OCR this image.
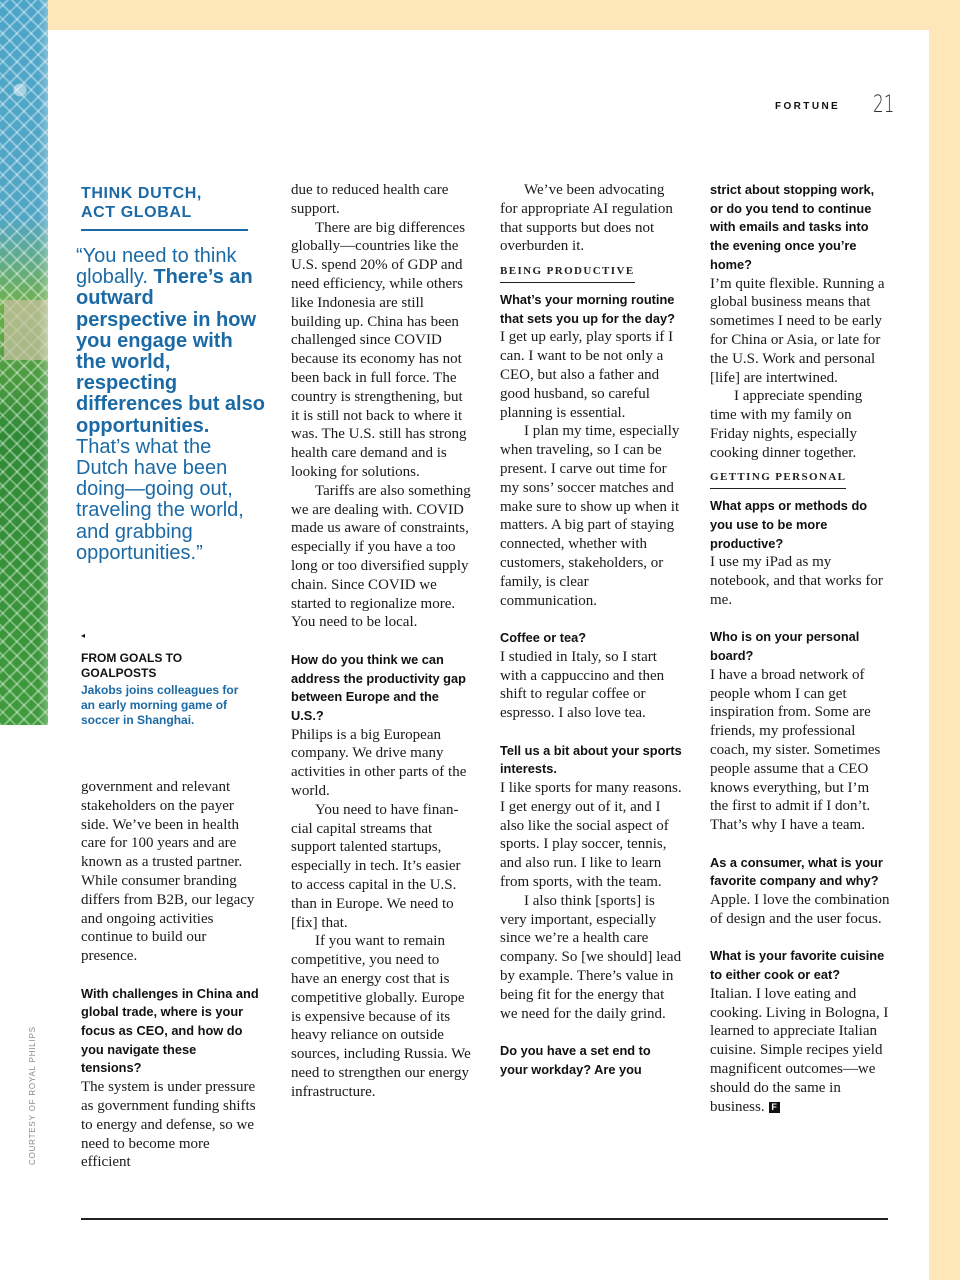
FORTUNE 21
THINK DUTCH,
ACT GLOBAL
“You need to think globally. There’s an outward perspective in how you engage with the world, respecting differences but also opportunities. That’s what the Dutch have been doing—going out, traveling the world, and grabbing opportunities.”
◂
FROM GOALS TO GOALPOSTS
Jakobs joins colleagues for an early morning game of soccer in Shanghai.

government and relevant stakeholders on the payer side. We’ve been in health care for 100 years and are known as a trusted partner. While consumer branding differs from B2B, our legacy and ongoing activities continue to build our presence.

With challenges in China and global trade, where is your focus as CEO, and how do you navigate these tensions?

The system is under pressure as government funding shifts to energy and defense, so we need to become more efficient

due to reduced health care support.

There are big differences globally—countries like the U.S. spend 20% of GDP and need efficiency, while others like Indonesia are still building up. China has been challenged since COVID because its economy has not been back in full force. The country is strengthening, but it is still not back to where it was. The U.S. still has strong health care demand and is looking for solutions.

Tariffs are also something we are dealing with. COVID made us aware of constraints, especially if you have a too long or too diversified supply chain. Since COVID we started to regionalize more. You need to be local.

How do you think we can address the productivity gap between Europe and the U.S.?

Philips is a big European company. We drive many activities in other parts of the world.

You need to have financial capital streams that support talented startups, especially in tech. It’s easier to access capital in the U.S. than in Europe. We need to [fix] that.

If you want to remain competitive, you need to have an energy cost that is competitive globally. Europe is expensive because of its heavy reliance on outside sources, including Russia. We need to strengthen our energy infrastructure.

We’ve been advocating for appropriate AI regulation that supports but does not overburden it.

BEING PRODUCTIVE
What’s your morning routine that sets you up for the day?

I get up early, play sports if I can. I want to be not only a CEO, but also a father and good husband, so careful planning is essential.

I plan my time, especially when traveling, so I can be present. I carve out time for my sons’ soccer matches and make sure to show up when it matters. A big part of staying connected, whether with customers, stakeholders, or family, is clear communication.

Coffee or tea?

I studied in Italy, so I start with a cappuccino and then shift to regular coffee or espresso. I also love tea.

Tell us a bit about your sports interests.

I like sports for many reasons. I get energy out of it, and I also like the social aspect of sports. I play soccer, tennis, and also run. I like to learn from sports, with the team.

I also think [sports] is very important, especially since we’re a health care company. So [we should] lead by example. There’s value in being fit for the energy that we need for the daily grind.

Do you have a set end to your workday? Are you
strict about stopping work, or do you tend to continue with emails and tasks into the evening once you’re home?

I’m quite flexible. Running a global business means that sometimes I need to be early for China or Asia, or late for the U.S. Work and personal [life] are intertwined.

I appreciate spending time with my family on Friday nights, especially cooking dinner together.

GETTING PERSONAL
What apps or methods do you use to be more productive?

I use my iPad as my notebook, and that works for me.

Who is on your personal board?

I have a broad network of people whom I can get inspiration from. Some are friends, my professional coach, my sister. Sometimes people assume that a CEO knows everything, but I’m the first to admit if I don’t. That’s why I have a team.

As a consumer, what is your favorite company and why?

Apple. I love the combination of design and the user focus.

What is your favorite cuisine to either cook or eat?

Italian. I love eating and cooking. Living in Bologna, I learned to appreciate Italian cuisine. Simple recipes yield magnificent outcomes—we should do the same in business. F

COURTESY OF ROYAL PHILIPS
